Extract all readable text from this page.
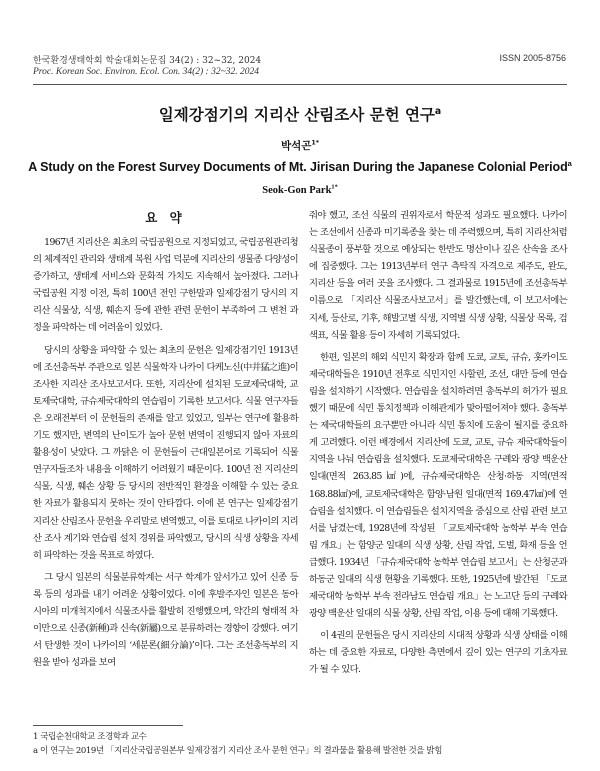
한국환경생태학회 학술대회논문집 34(2) : 32~32, 2024
Proc. Korean Soc. Environ. Ecol. Con. 34(2) : 32~32. 2024
ISSN 2005-8756
일제강점기의 지리산 산림조사 문헌 연구$^a$
박석곤$^{1*}$
A Study on the Forest Survey Documents of Mt. Jirisan During the Japanese Colonial Period$^a$
Seok-Gon Park$^{1*}$
요 약

1967년 지리산은 최초의 국립공원으로 지정되었고, 국립공원관리청의 체계적인 관리와 생태계 복원 사업 덕분에 지리산의 생물종 다양성이 증가하고, 생태계 서비스와 문화적 가치도 지속해서 높아졌다. 그러나 국립공원 지정 이전, 특히 100년 전인 구한말과 일제강점기 당시의 지리산 식물상, 식생, 훼손지 등에 관한 관련 문헌이 부족하여 그 변천 과정을 파악하는 데 어려움이 있었다.

당시의 상황을 파악할 수 있는 최초의 문헌은 일제강점기인 1913년에 조선총독부 주관으로 일본 식물학자 나카이 다케노신(中井猛之進)이 조사한 지리산 조사보고서다. 또한, 지리산에 설치된 도쿄제국대학, 교토제국대학, 규슈제국대학의 연습림이 기록한 보고서다. 식물 연구자들은 오래전부터 이 문헌들의 존재를 알고 있었고, 일부는 연구에 활용하기도 했지만, 변역의 난이도가 높아 문헌 변역이 진행되지 않아 자료의 활용성이 낮았다. 그 까닭은 이 문헌들이 근대일본어로 기록되어 식물 연구자들조차 내용을 이해하기 어려웠기 때문이다. 100년 전 지리산의 식물, 식생, 훼손 상황 등 당시의 전반적인 환경을 이해할 수 있는 중요한 자료가 활용되지 못하는 것이 안타깝다. 이에 본 연구는 일제강점기 지리산 산림조사 문헌을 우리말로 변역했고, 이를 토대로 나카이의 지리산 조사 계기와 연습림 설치 경위를 파악했고, 당시의 식생 상황을 자세히 파악하는 것을 목표로 하였다.

그 당시 일본의 식물분류학계는 서구 학계가 앞서가고 있어 신종 등록 등의 성과를 내기 어려운 상황이었다. 이에 후발주자인 일본은 동아시아의 미개척지에서 식물조사를 활발히 진행했으며, 약간의 형태적 차이만으로 신종(新種)과 신속(新屬)으로 분류하려는 경향이 강했다. 여기서 탄생한 것이 나카이의 ‘세분론(細分論)’이다. 그는 조선총독부의 지원을 받아 성과를 보여

줘야 했고, 조선 식물의 권위자로서 학문적 성과도 필요했다. 나카이는 조선에서 신종과 미기록종을 찾는 데 주력했으며, 특히 지리산처럼 식물종이 풍부할 것으로 예상되는 한반도 명산이나 깊은 산속을 조사에 집중했다. 그는 1913년부터 연구 측탁직 자격으로 제주도, 완도, 지리산 등을 여러 곳을 조사했다. 그 결과물로 1915년에 조선총독부 이름으로 「지리산 식물조사보고서」를 발간했는데, 이 보고서에는 지세, 등산로, 기후, 해발고별 식생, 지역별 식생 상황, 식물상 목록, 검색표, 식물 활용 등이 자세히 기록되었다.

한편, 일본의 해외 식민지 확장과 함께 도쿄, 교토, 규슈, 홋카이도 제국대학들은 1910년 전후로 식민지인 사할린, 조선, 대만 등에 연습림을 설치하기 시작했다. 연습림을 설치하려면 총독부의 허가가 필요했기 때문에 식민 통치정책과 이해관계가 맞아떨어져야 했다. 총독부는 제국대학들의 요구뿐만 아니라 식민 통치에 도움이 될지를 중요하게 고려했다. 이런 배경에서 지리산에 도쿄, 교토, 규슈 제국대학들이 지역을 나눠 연습림을 설치했다. 도쿄제국대학은 구례와 광양 백운산 일대(면적 263.85㎢)에, 규슈제국대학은 산청·하동 지역(면적 168.88㎢)에, 교토제국대학은 함양·남원 일대(면적 169.47㎢)에 연습림을 설치했다. 이 연습림들은 설치지역을 중심으로 산림 관련 보고서를 남겼는데, 1928년에 작성된 「교토제국대학 농학부 부속 연습림 개요」는 함양군 일대의 식생 상황, 산림 작업, 도벌, 화재 등을 언급했다. 1934년 「규슈제국대학 농학부 연습림 보고서」는 산청군과 하동군 일대의 식생 현황을 기록했다. 또한, 1925년에 발간된 「도쿄제국대학 농학부 부속 전라남도 연습림 개요」는 노고단 등의 구례와 광양 백운산 일대의 식물 상황, 산림 작업, 이용 등에 대해 기록했다.

이 4권의 문헌들은 당시 지리산의 시대적 상황과 식생 상태를 이해하는 데 중요한 자료로, 다양한 측면에서 깊이 있는 연구의 기초자료가 될 수 있다.

1 국립순천대학교 조경학과 교수
a 이 연구는 2019년 「지리산국립공원본부 일제강점기 지리산 조사 문헌 연구」의 결과물을 활용해 발전한 것을 밝힘
